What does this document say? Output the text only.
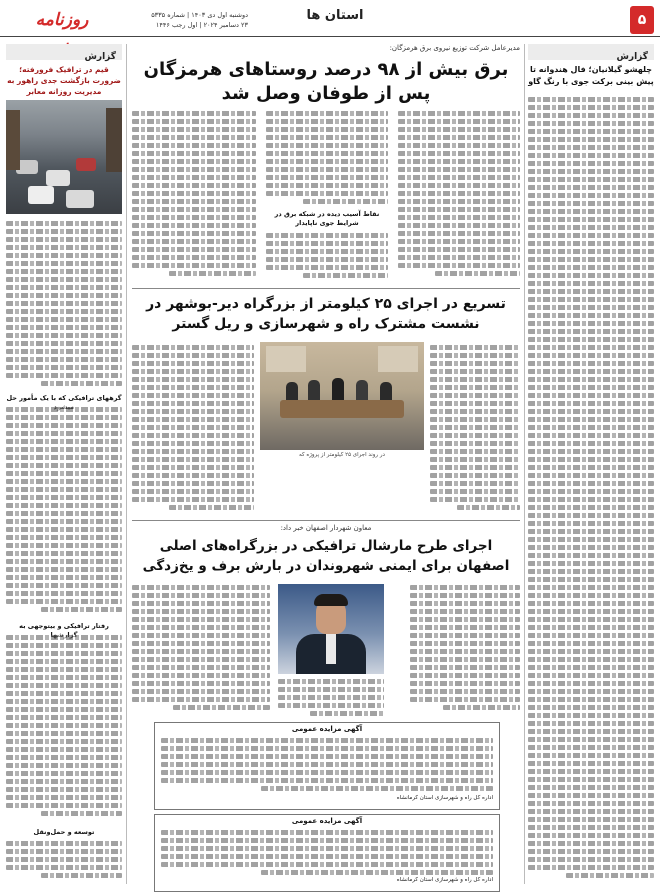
روزنامه	دوشنبه اول دی ۱۴۰۳ | شماره ۵۳۳۵
۲۳ دسامبر ۲۰۲۴ | اول رجب ۱۴۴۶
استان ها	۵
گزارش
چلهشو گیلانیان؛ فال هندوانه تا پیش بینی برکت جوی با رنگ گاو
گزارش
قیم در ترافیک فرورفته؛ ضرورت بازگشت جدی راهور به مدیریت روزانه معابر
گرههای ترافیکی که با یک مأمور حل
رفتار ترافیکی و بیتوجهی به
توسعه و حمل‌ونقل
مدیرعامل شرکت توزیع نیروی برق هرمزگان:
برق بیش از ۹۸ درصد روستاهای هرمزگان پس از طوفان وصل شد
نقاط آسیب دیده در شبکه برق در شرایط جوی ناپایدار
تسریع در اجرای ۲۵ کیلومتر از بزرگراه دیر-بوشهر در نشست مشترک راه و شهرسازی و ریل گستر
در روند اجرای ۲۵ کیلومتر از پروژه که
معاون شهردار اصفهان خبر داد:
اجرای طرح مارشال ترافیکی در بزرگراه‌های اصلی اصفهان برای ایمنی شهروندان در بارش برف و یخ‌زدگی
آگهی مزایده عمومی
اداره کل راه و شهرسازی استان کرمانشاه
آگهی مزایده عمومی
اداره کل راه و شهرسازی استان کرمانشاه
